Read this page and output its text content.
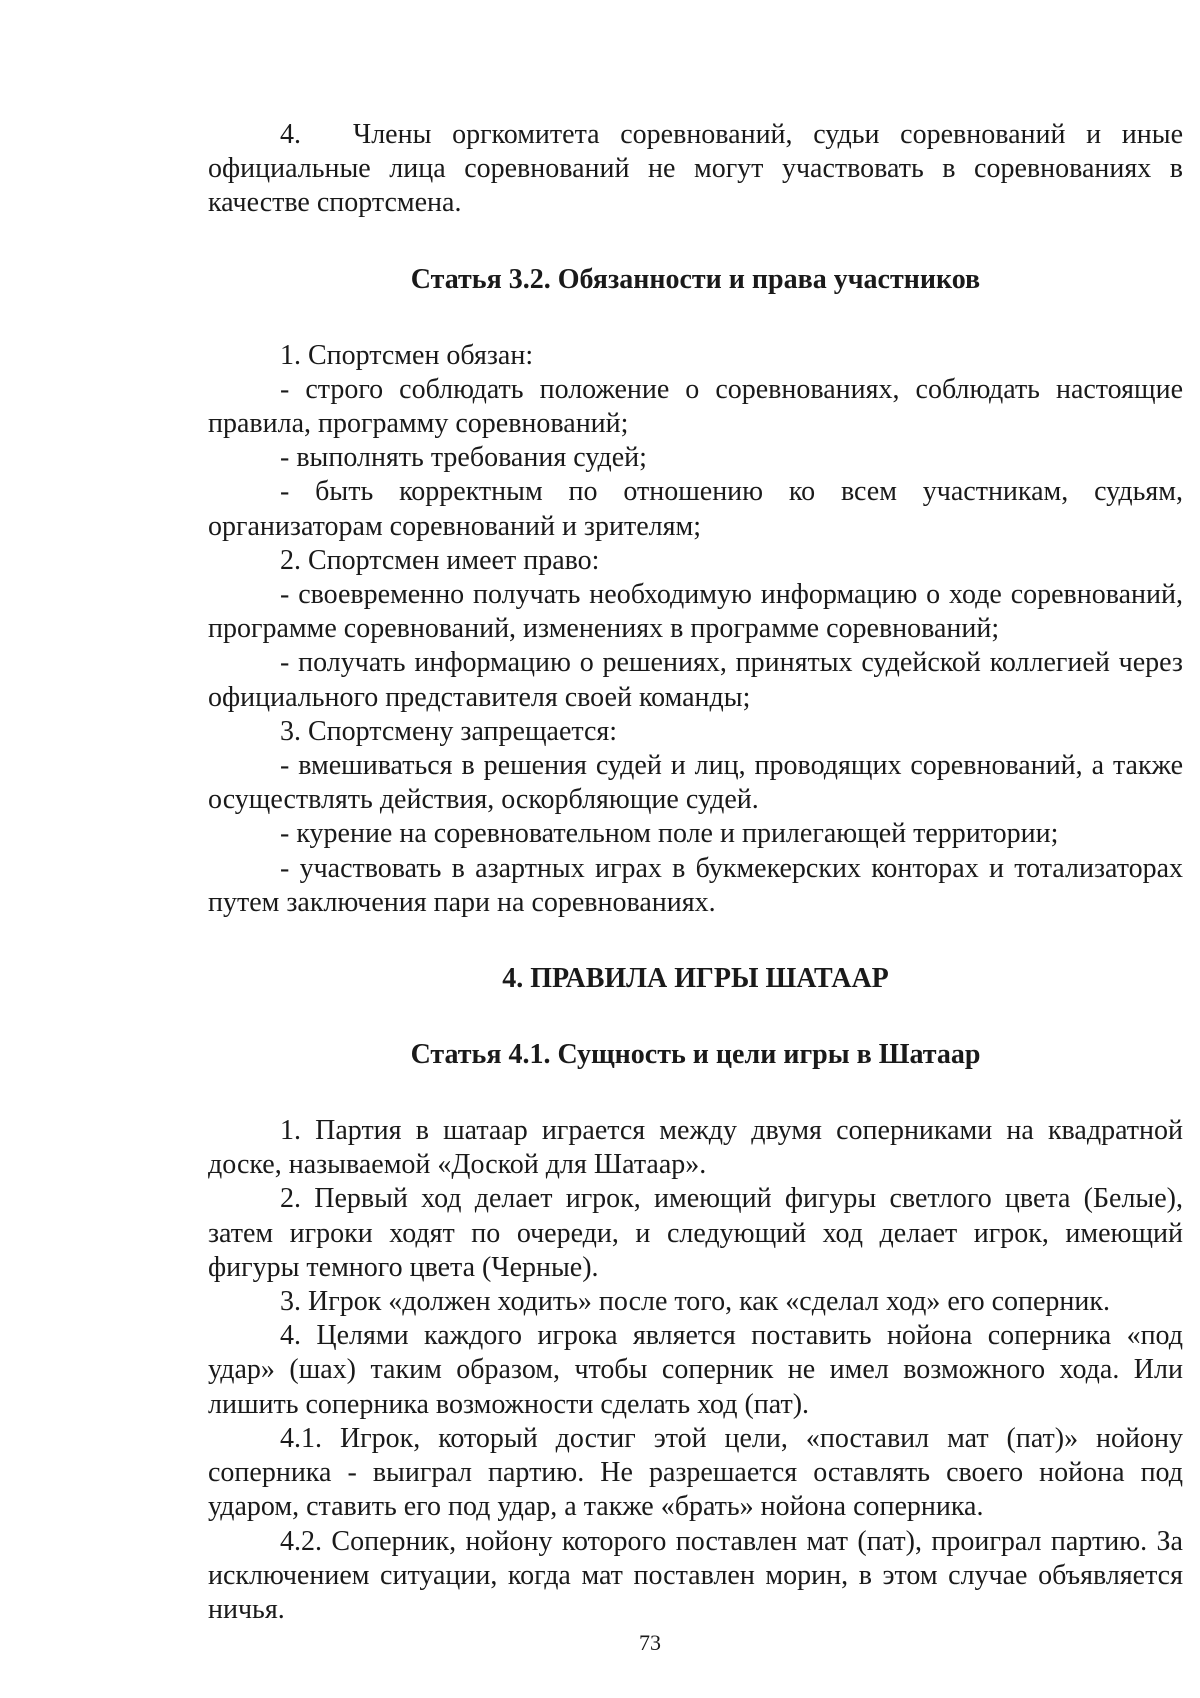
4. Члены оргкомитета соревнований, судьи соревнований и иные официальные лица соревнований не могут участвовать в соревнованиях в качестве спортсмена.

Статья 3.2. Обязанности и права участников

1. Спортсмен обязан:

- строго соблюдать положение о соревнованиях, соблюдать настоящие правила, программу соревнований;

- выполнять требования судей;

- быть корректным по отношению ко всем участникам, судьям, организаторам соревнований и зрителям;

2. Спортсмен имеет право:

- своевременно получать необходимую информацию о ходе соревнований, программе соревнований, изменениях в программе соревнований;

- получать информацию о решениях, принятых судейской коллегией через официального представителя своей команды;

3. Спортсмену запрещается:

- вмешиваться в решения судей и лиц, проводящих соревнований, а также осуществлять действия, оскорбляющие судей.

- курение на соревновательном поле и прилегающей территории;

- участвовать в азартных играх в букмекерских конторах и тотализаторах путем заключения пари на соревнованиях.

4. ПРАВИЛА ИГРЫ ШАТААР
Статья 4.1. Сущность и цели игры в Шатаар

1. Партия в шатаар играется между двумя соперниками на квадратной доске, называемой «Доской для Шатаар».

2. Первый ход делает игрок, имеющий фигуры светлого цвета (Белые), затем игроки ходят по очереди, и следующий ход делает игрок, имеющий фигуры темного цвета (Черные).

3. Игрок «должен ходить» после того, как «сделал ход» его соперник.

4. Целями каждого игрока является поставить нойона соперника «под удар» (шах) таким образом, чтобы соперник не имел возможного хода. Или лишить соперника возможности сделать ход (пат).

4.1. Игрок, который достиг этой цели, «поставил мат (пат)» нойону соперника - выиграл партию. Не разрешается оставлять своего нойона под ударом, ставить его под удар, а также «брать» нойона соперника.

4.2. Соперник, нойону которого поставлен мат (пат), проиграл партию. За исключением ситуации, когда мат поставлен морин, в этом случае объявляется ничья.

73
